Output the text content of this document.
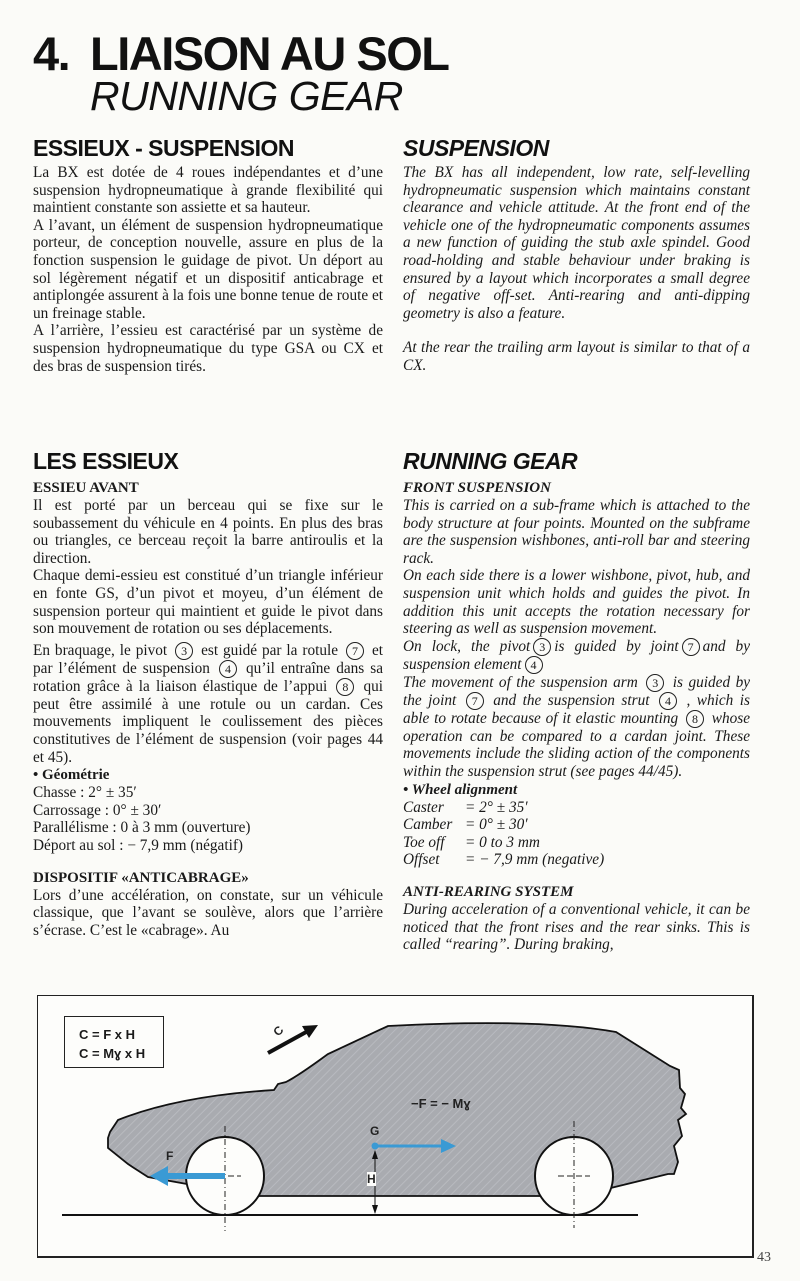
4. LIAISON AU SOL
RUNNING GEAR
ESSIEUX - SUSPENSION

La BX est dotée de 4 roues indépendantes et d’une suspension hydropneumatique à grande flexibilité qui maintient constante son assiette et sa hauteur.

A l’avant, un élément de suspension hydropneumatique porteur, de conception nouvelle, assure en plus de la fonction suspension le guidage de pivot. Un déport au sol légèrement négatif et un dispositif anticabrage et antiplongée assurent à la fois une bonne tenue de route et un freinage stable.

A l’arrière, l’essieu est caractérisé par un système de suspension hydropneumatique du type GSA ou CX et des bras de suspension tirés.

SUSPENSION

The BX has all independent, low rate, self-levelling hydropneumatic suspension which maintains constant clearance and vehicle attitude. At the front end of the vehicle one of the hydropneumatic components assumes a new function of guiding the stub axle spindel. Good road-holding and stable behaviour under braking is ensured by a layout which incorporates a small degree of negative off-set. Anti-rearing and anti-dipping geometry is also a feature.

At the rear the trailing arm layout is similar to that of a CX.

LES ESSIEUX

ESSIEU AVANT

Il est porté par un berceau qui se fixe sur le soubassement du véhicule en 4 points. En plus des bras ou triangles, ce berceau reçoit la barre antiroulis et la direction.

Chaque demi-essieu est constitué d’un triangle inférieur en fonte GS, d’un pivot et moyeu, d’un élément de suspension porteur qui maintient et guide le pivot dans son mouvement de rotation ou ses déplacements.

En braquage, le pivot 3 est guidé par la rotule 7 et par l’élément de suspension 4 qu’il entraîne dans sa rotation grâce à la liaison élastique de l’appui 8 qui peut être assimilé à une rotule ou un cardan. Ces mouvements impliquent le coulissement des pièces constitutives de l’élément de suspension (voir pages 44 et 45).

• Géométrie

Chasse : 2° ± 35′
Carrossage : 0° ± 30′
Parallélisme : 0 à 3 mm (ouverture)
Déport au sol : − 7,9 mm (négatif)

DISPOSITIF «ANTICABRAGE»

Lors d’une accélération, on constate, sur un véhicule classique, que l’avant se soulève, alors que l’arrière s’écrase. C’est le «cabrage». Au

RUNNING GEAR

FRONT SUSPENSION

This is carried on a sub-frame which is attached to the body structure at four points. Mounted on the subframe are the suspension wishbones, anti-roll bar and steering rack.

On each side there is a lower wishbone, pivot, hub, and suspension unit which holds and guides the pivot. In addition this unit accepts the rotation necessary for steering as well as suspension movement.

On lock, the pivot 3 is guided by joint 7 and by suspension element 4

The movement of the suspension arm 3 is guided by the joint 7 and the suspension strut 4 , which is able to rotate because of it elastic mounting 8 whose operation can be compared to a cardan joint. These movements include the sliding action of the components within the suspension strut (see pages 44/45).

• Wheel alignment

Caster	= 2° ± 35′
Camber = 0° ± 30′
Toe off	= 0 to 3 mm
Offset	= − 7,9 mm (negative)

ANTI-REARING SYSTEM

During acceleration of a conventional vehicle, it can be noticed that the front rises and the rear sinks. This is called “rearing”. During braking,

C = F x H
C = Mɣ x H
C
F
G
H
−F = − Mɣ
43
